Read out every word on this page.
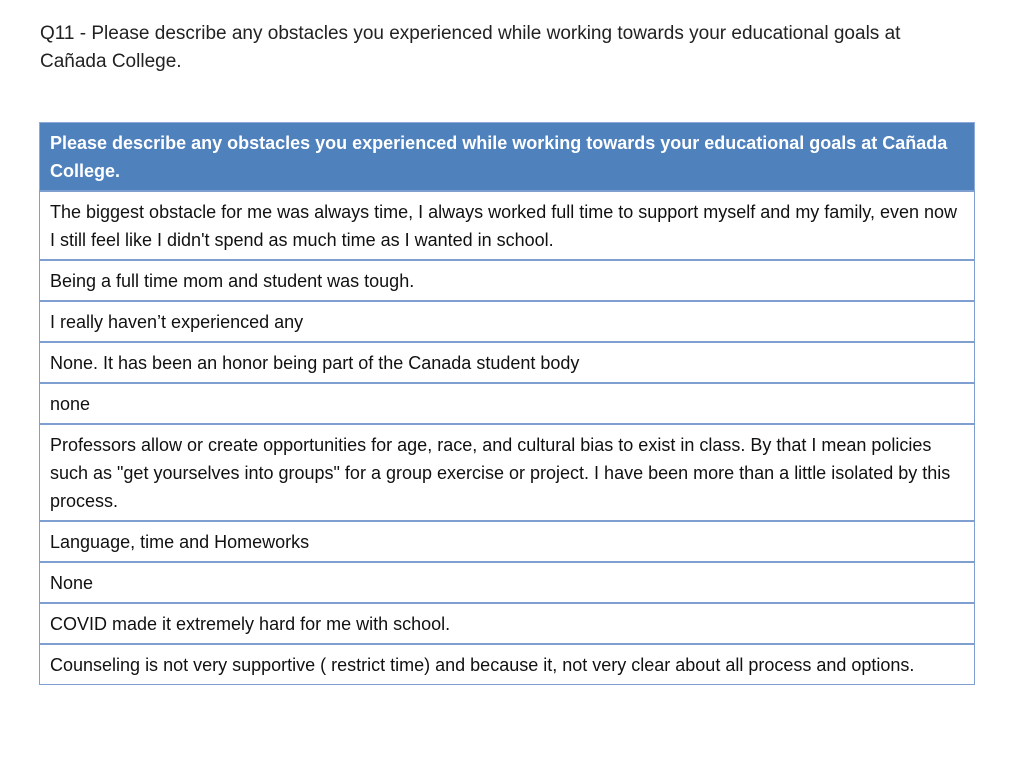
Q11 - Please describe any obstacles you experienced while working towards your educational goals at Cañada College.
Please describe any obstacles you experienced while working towards your educational goals at Cañada College.
The biggest obstacle for me was always time, I always worked full time to support myself and my family, even now I still feel like I didn't spend as much time as I wanted in school.
Being a full time mom and student was tough.
I really haven’t experienced any
None. It has been an honor being part of the Canada student body
none
Professors allow or create opportunities for age, race, and cultural bias to exist in class. By that I mean policies such as "get yourselves into groups" for a group exercise or project. I have been more than a little isolated by this process.
Language, time and Homeworks
None
COVID made it extremely hard for me with school.
Counseling is not very supportive ( restrict time) and because it, not very clear about all process and options.
